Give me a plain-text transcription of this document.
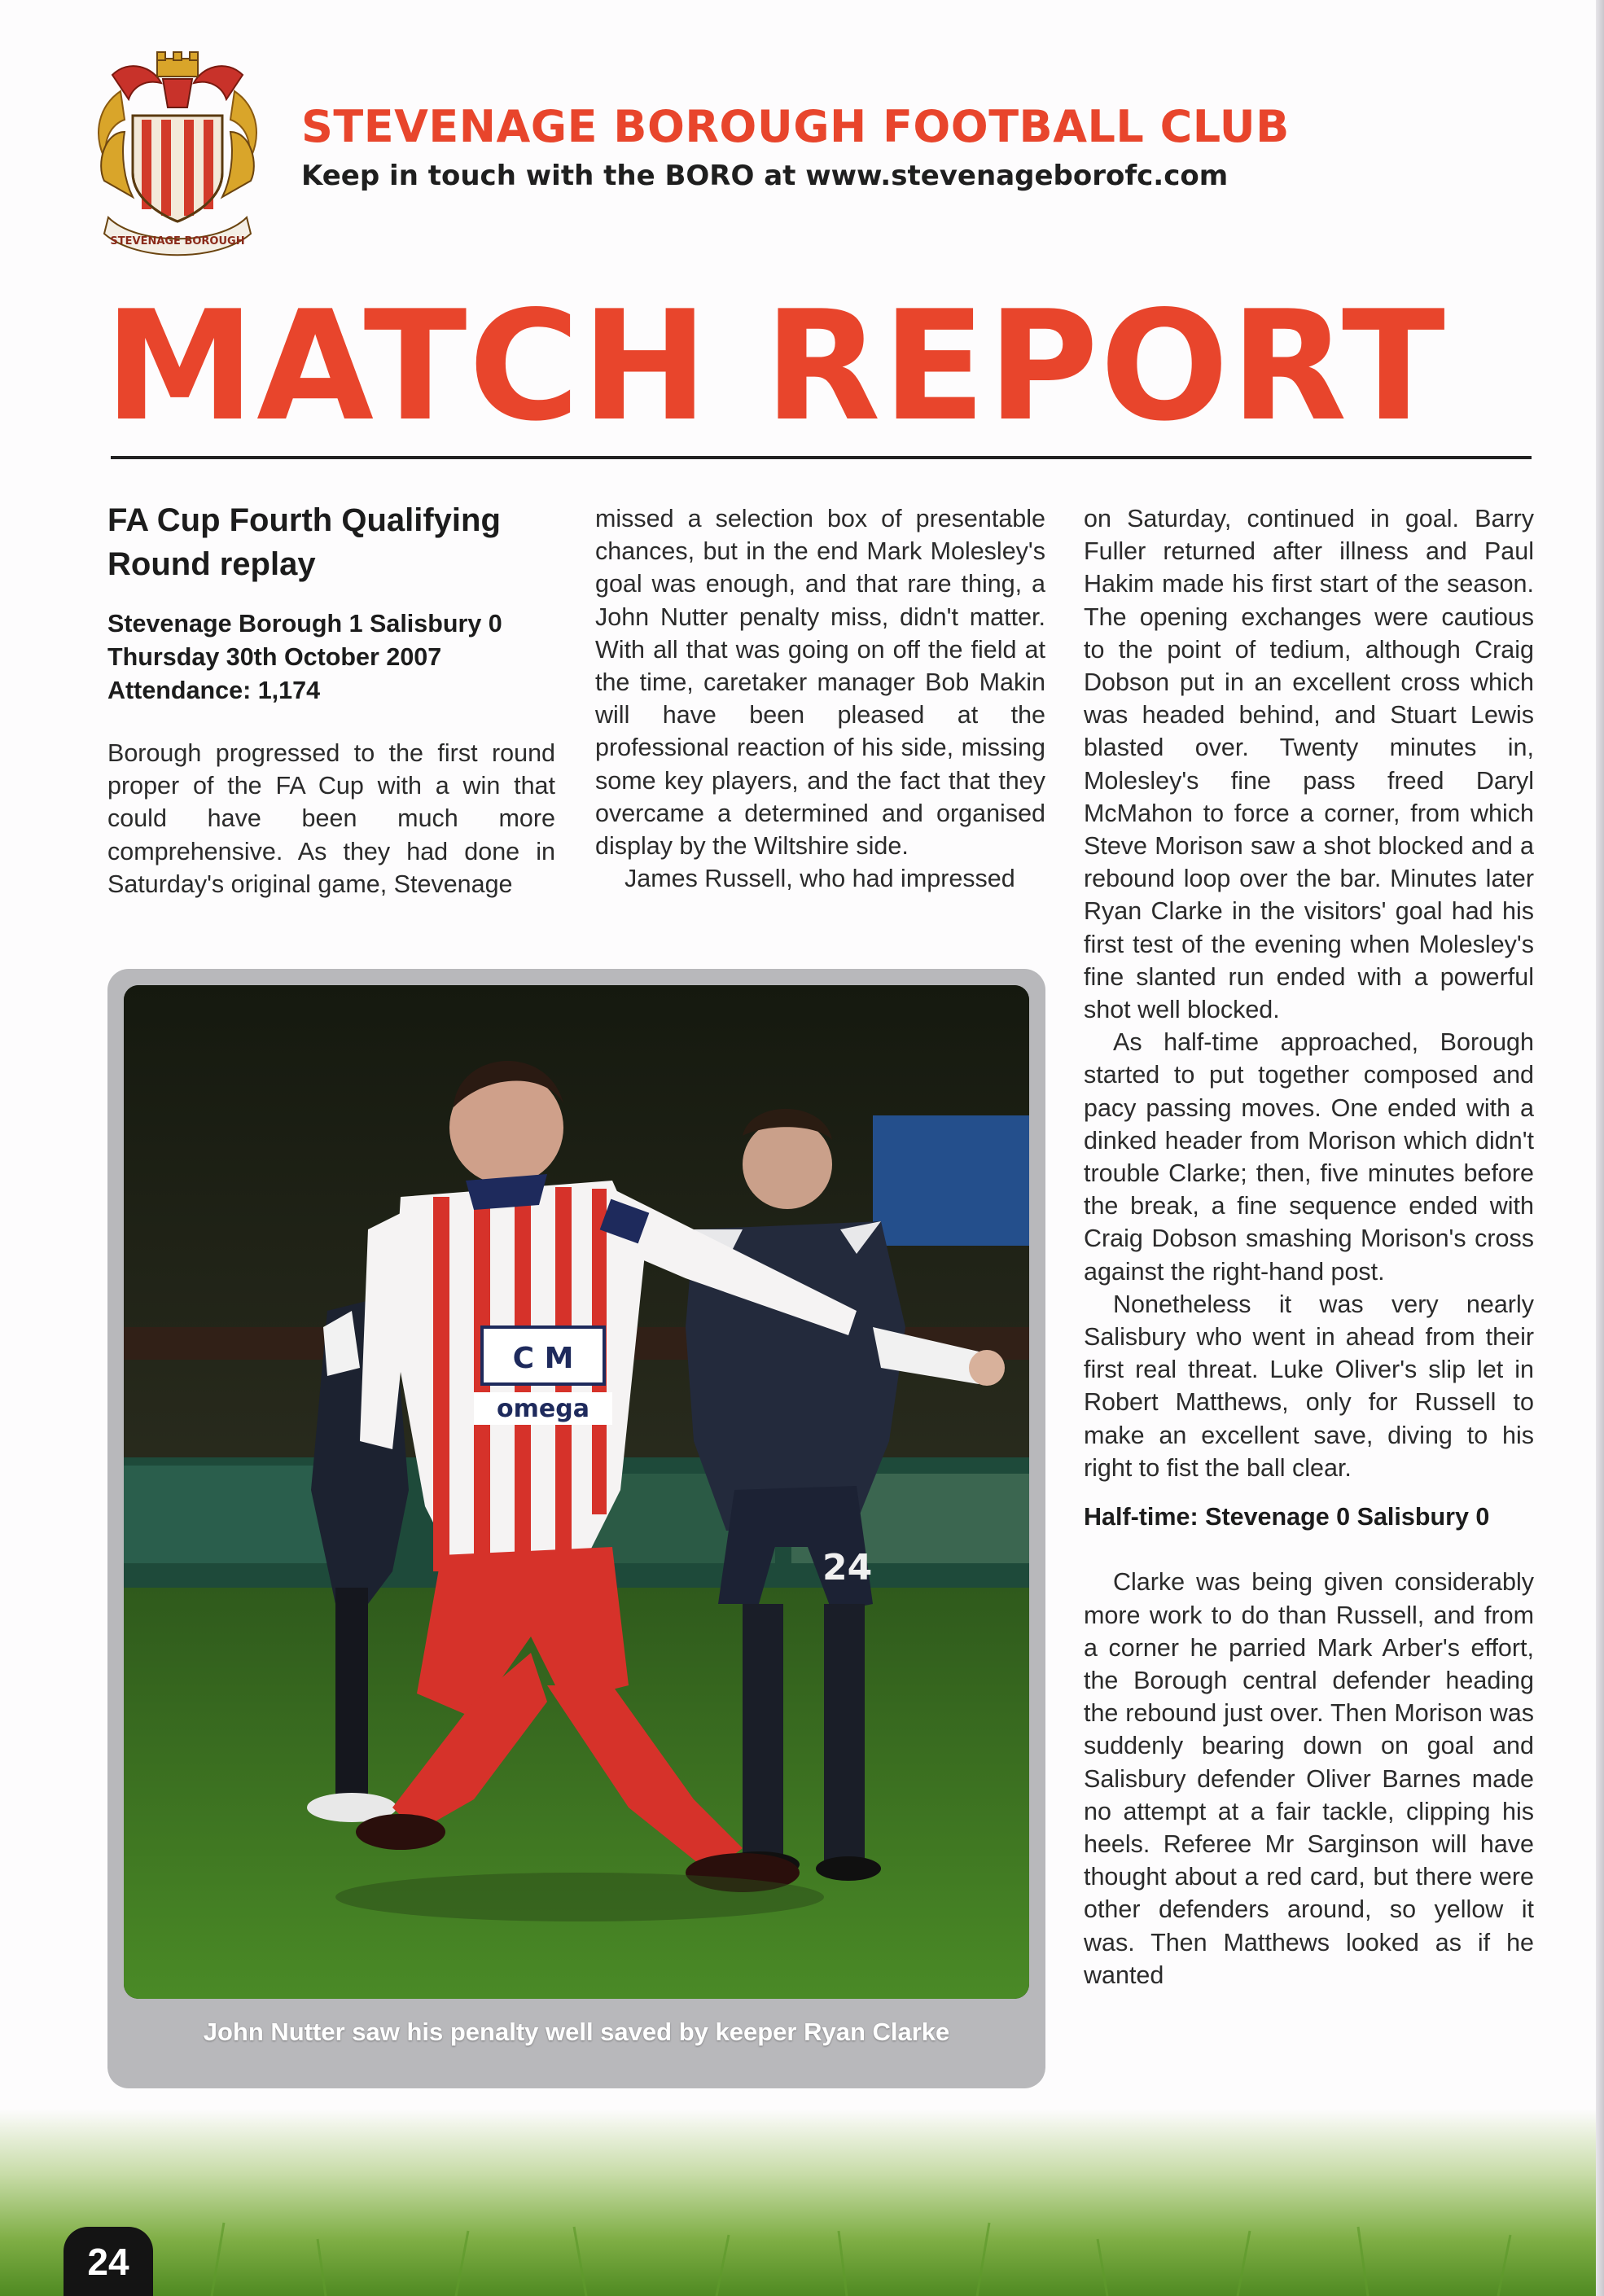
STEVENAGE BOROUGH
STEVENAGE BOROUGH FOOTBALL CLUB
Keep in touch with the BORO at www.stevenageborofc.com
MATCH REPORT
FA Cup Fourth Qualifying Round replay
Stevenage Borough 1 Salisbury 0
Thursday 30th October 2007
Attendance: 1,174

Borough progressed to the first round proper of the FA Cup with a win that could have been much more comprehensive. As they had done in Saturday's original game, Stevenage

missed a selection box of presentable chances, but in the end Mark Molesley's goal was enough, and that rare thing, a John Nutter penalty miss, didn't matter. With all that was going on off the field at the time, caretaker manager Bob Makin will have been pleased at the professional reaction of his side, missing some key players, and the fact that they overcame a determined and organised display by the Wiltshire side.

James Russell, who had impressed

on Saturday, continued in goal. Barry Fuller returned after illness and Paul Hakim made his first start of the season. The opening exchanges were cautious to the point of tedium, although Craig Dobson put in an excellent cross which was headed behind, and Stuart Lewis blasted over. Twenty minutes in, Molesley's fine pass freed Daryl McMahon to force a corner, from which Steve Morison saw a shot blocked and a rebound loop over the bar. Minutes later Ryan Clarke in the visitors' goal had his first test of the evening when Molesley's fine slanted run ended with a powerful shot well blocked.

As half-time approached, Borough started to put together composed and pacy passing moves. One ended with a dinked header from Morison which didn't trouble Clarke; then, five minutes before the break, a fine sequence ended with Craig Dobson smashing Morison's cross against the right-hand post.

Nonetheless it was very nearly Salisbury who went in ahead from their first real threat. Luke Oliver's slip let in Robert Matthews, only for Russell to make an excellent save, diving to his right to fist the ball clear.

Half-time: Stevenage 0 Salisbury 0

Clarke was being given considerably more work to do than Russell, and from a corner he parried Mark Arber's effort, the Borough central defender heading the rebound just over. Then Morison was suddenly bearing down on goal and Salisbury defender Oliver Barnes made no attempt at a fair tackle, clipping his heels. Referee Mr Sarginson will have thought about a red card, but there were other defenders around, so yellow it was. Then Matthews looked as if he wanted

24
C M
omega
John Nutter saw his penalty well saved by keeper Ryan Clarke
24
